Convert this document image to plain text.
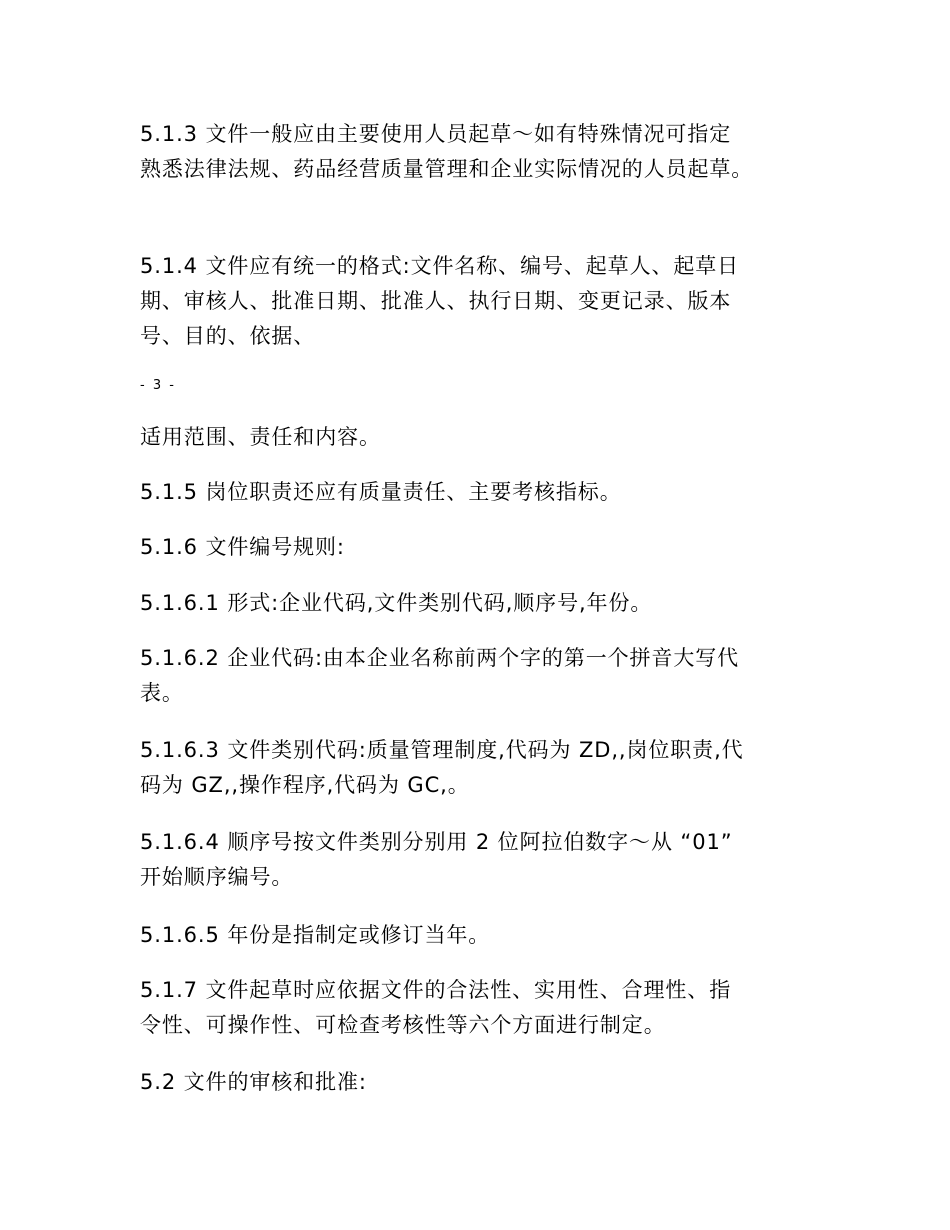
5.1.3 文件一般应由主要使用人员起草～如有特殊情况可指定
熟悉法律法规、药品经营质量管理和企业实际情况的人员起草。

5.1.4 文件应有统一的格式:文件名称、编号、起草人、起草日
期、审核人、批准日期、批准人、执行日期、变更记录、版本
号、目的、依据、

- 3 -

适用范围、责任和内容。

5.1.5 岗位职责还应有质量责任、主要考核指标。

5.1.6 文件编号规则:

5.1.6.1 形式:企业代码,文件类别代码,顺序号,年份。

5.1.6.2 企业代码:由本企业名称前两个字的第一个拼音大写代
表。

5.1.6.3 文件类别代码:质量管理制度,代码为 ZD,,岗位职责,代
码为 GZ,,操作程序,代码为 GC,。

5.1.6.4 顺序号按文件类别分别用 2 位阿拉伯数字～从 “01”
开始顺序编号。

5.1.6.5 年份是指制定或修订当年。

5.1.7 文件起草时应依据文件的合法性、实用性、合理性、指
令性、可操作性、可检查考核性等六个方面进行制定。

5.2 文件的审核和批准:
